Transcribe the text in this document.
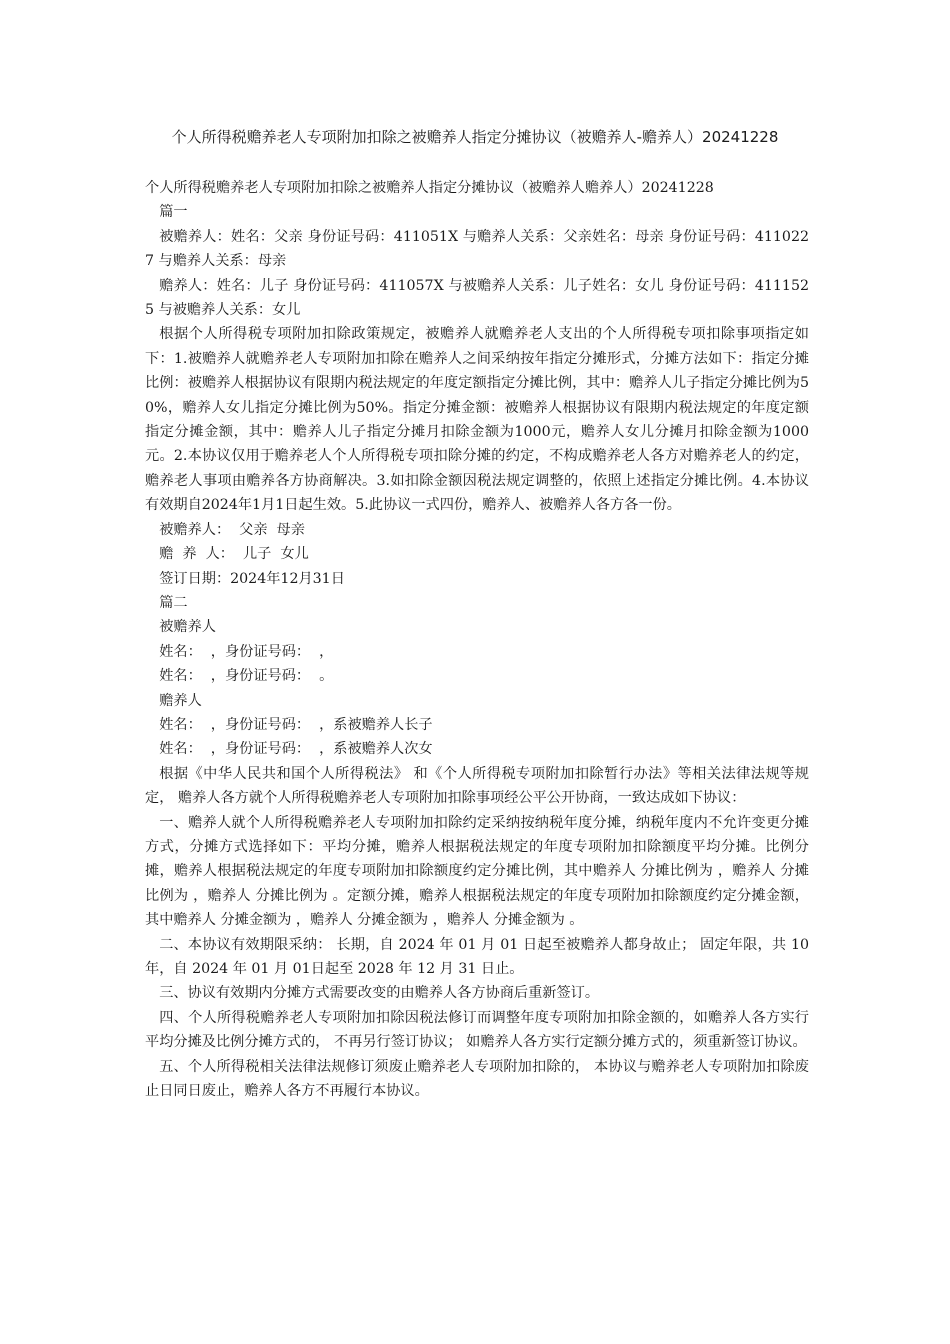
个人所得税赡养老人专项附加扣除之被赡养人指定分摊协议（被赡养人-赡养人）20241228

个人所得税赡养老人专项附加扣除之被赡养人指定分摊协议（被赡养人赡养人）20241228

篇一

被赡养人：姓名：父亲 身份证号码：411051X 与赡养人关系：父亲姓名：母亲 身份证号码：4110227 与赡养人关系：母亲

赡养人：姓名：儿子 身份证号码：411057X 与被赡养人关系：儿子姓名：女儿 身份证号码：4111525 与被赡养人关系：女儿

根据个人所得税专项附加扣除政策规定，被赡养人就赡养老人支出的个人所得税专项扣除事项指定如下：1.被赡养人就赡养老人专项附加扣除在赡养人之间采纳按年指定分摊形式，分摊方法如下：指定分摊比例：被赡养人根据协议有限期内税法规定的年度定额指定分摊比例，其中：赡养人儿子指定分摊比例为50%，赡养人女儿指定分摊比例为50%。指定分摊金额：被赡养人根据协议有限期内税法规定的年度定额指定分摊金额，其中：赡养人儿子指定分摊月扣除金额为1000元，赡养人女儿分摊月扣除金额为1000元。2.本协议仅用于赡养老人个人所得税专项扣除分摊的约定，不构成赡养老人各方对赡养老人的约定，赡养老人事项由赡养各方协商解决。3.如扣除金额因税法规定调整的，依照上述指定分摊比例。4.本协议有效期自2024年1月1日起生效。5.此协议一式四份，赡养人、被赡养人各方各一份。

被赡养人：  父亲  母亲

赡  养  人：  儿子  女儿

签订日期：2024年12月31日

篇二

被赡养人

姓名：  ，身份证号码：  ，

姓名：  ，身份证号码：  。

赡养人

姓名：  ，身份证号码：  ，系被赡养人长子

姓名：  ，身份证号码：  ，系被赡养人次女

根据《中华人民共和国个人所得税法》 和《个人所得税专项附加扣除暂行办法》等相关法律法规等规定， 赡养人各方就个人所得税赡养老人专项附加扣除事项经公平公开协商，一致达成如下协议：

一、赡养人就个人所得税赡养老人专项附加扣除约定采纳按纳税年度分摊，纳税年度内不允许变更分摊方式，分摊方式选择如下：平均分摊，赡养人根据税法规定的年度专项附加扣除额度平均分摊。比例分摊，赡养人根据税法规定的年度专项附加扣除额度约定分摊比例，其中赡养人 分摊比例为 ，赡养人 分摊比例为 ，赡养人 分摊比例为 。定额分摊，赡养人根据税法规定的年度专项附加扣除额度约定分摊金额，其中赡养人 分摊金额为 ，赡养人 分摊金额为 ，赡养人 分摊金额为 。

二、本协议有效期限采纳： 长期，自 2024 年 01 月 01 日起至被赡养人都身故止； 固定年限，共 10年，自 2024 年 01 月 01日起至 2028 年 12 月 31 日止。

三、协议有效期内分摊方式需要改变的由赡养人各方协商后重新签订。

四、个人所得税赡养老人专项附加扣除因税法修订而调整年度专项附加扣除金额的，如赡养人各方实行平均分摊及比例分摊方式的， 不再另行签订协议； 如赡养人各方实行定额分摊方式的，须重新签订协议。

五、个人所得税相关法律法规修订须废止赡养老人专项附加扣除的， 本协议与赡养老人专项附加扣除废止日同日废止，赡养人各方不再履行本协议。
